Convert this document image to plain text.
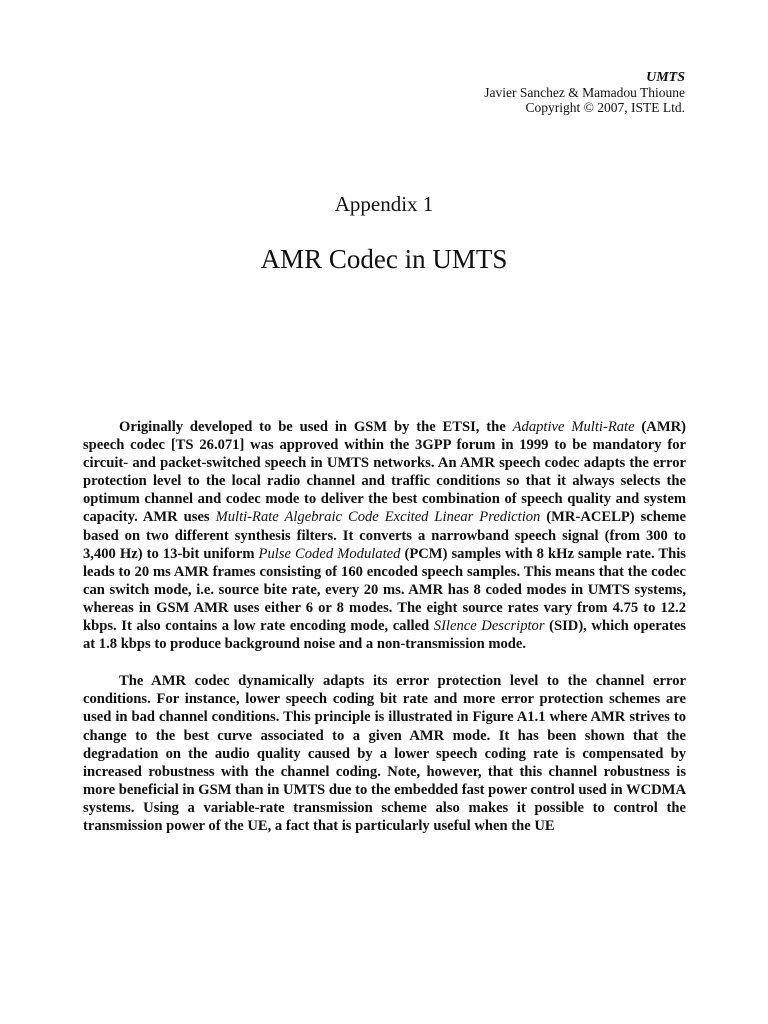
UMTS
Javier Sanchez & Mamadou Thioune
Copyright © 2007, ISTE Ltd.
Appendix 1
AMR Codec in UMTS

Originally developed to be used in GSM by the ETSI, the Adaptive Multi-Rate (AMR) speech codec [TS 26.071] was approved within the 3GPP forum in 1999 to be mandatory for circuit- and packet-switched speech in UMTS networks. An AMR speech codec adapts the error protection level to the local radio channel and traffic conditions so that it always selects the optimum channel and codec mode to deliver the best combination of speech quality and system capacity. AMR uses Multi-Rate Algebraic Code Excited Linear Prediction (MR-ACELP) scheme based on two different synthesis filters. It converts a narrowband speech signal (from 300 to 3,400 Hz) to 13-bit uniform Pulse Coded Modulated (PCM) samples with 8 kHz sample rate. This leads to 20 ms AMR frames consisting of 160 encoded speech samples. This means that the codec can switch mode, i.e. source bite rate, every 20 ms. AMR has 8 coded modes in UMTS systems, whereas in GSM AMR uses either 6 or 8 modes. The eight source rates vary from 4.75 to 12.2 kbps. It also contains a low rate encoding mode, called SIlence Descriptor (SID), which operates at 1.8 kbps to produce background noise and a non-transmission mode.

The AMR codec dynamically adapts its error protection level to the channel error conditions. For instance, lower speech coding bit rate and more error protection schemes are used in bad channel conditions. This principle is illustrated in Figure A1.1 where AMR strives to change to the best curve associated to a given AMR mode. It has been shown that the degradation on the audio quality caused by a lower speech coding rate is compensated by increased robustness with the channel coding. Note, however, that this channel robustness is more beneficial in GSM than in UMTS due to the embedded fast power control used in WCDMA systems. Using a variable-rate transmission scheme also makes it possible to control the transmission power of the UE, a fact that is particularly useful when the UE
